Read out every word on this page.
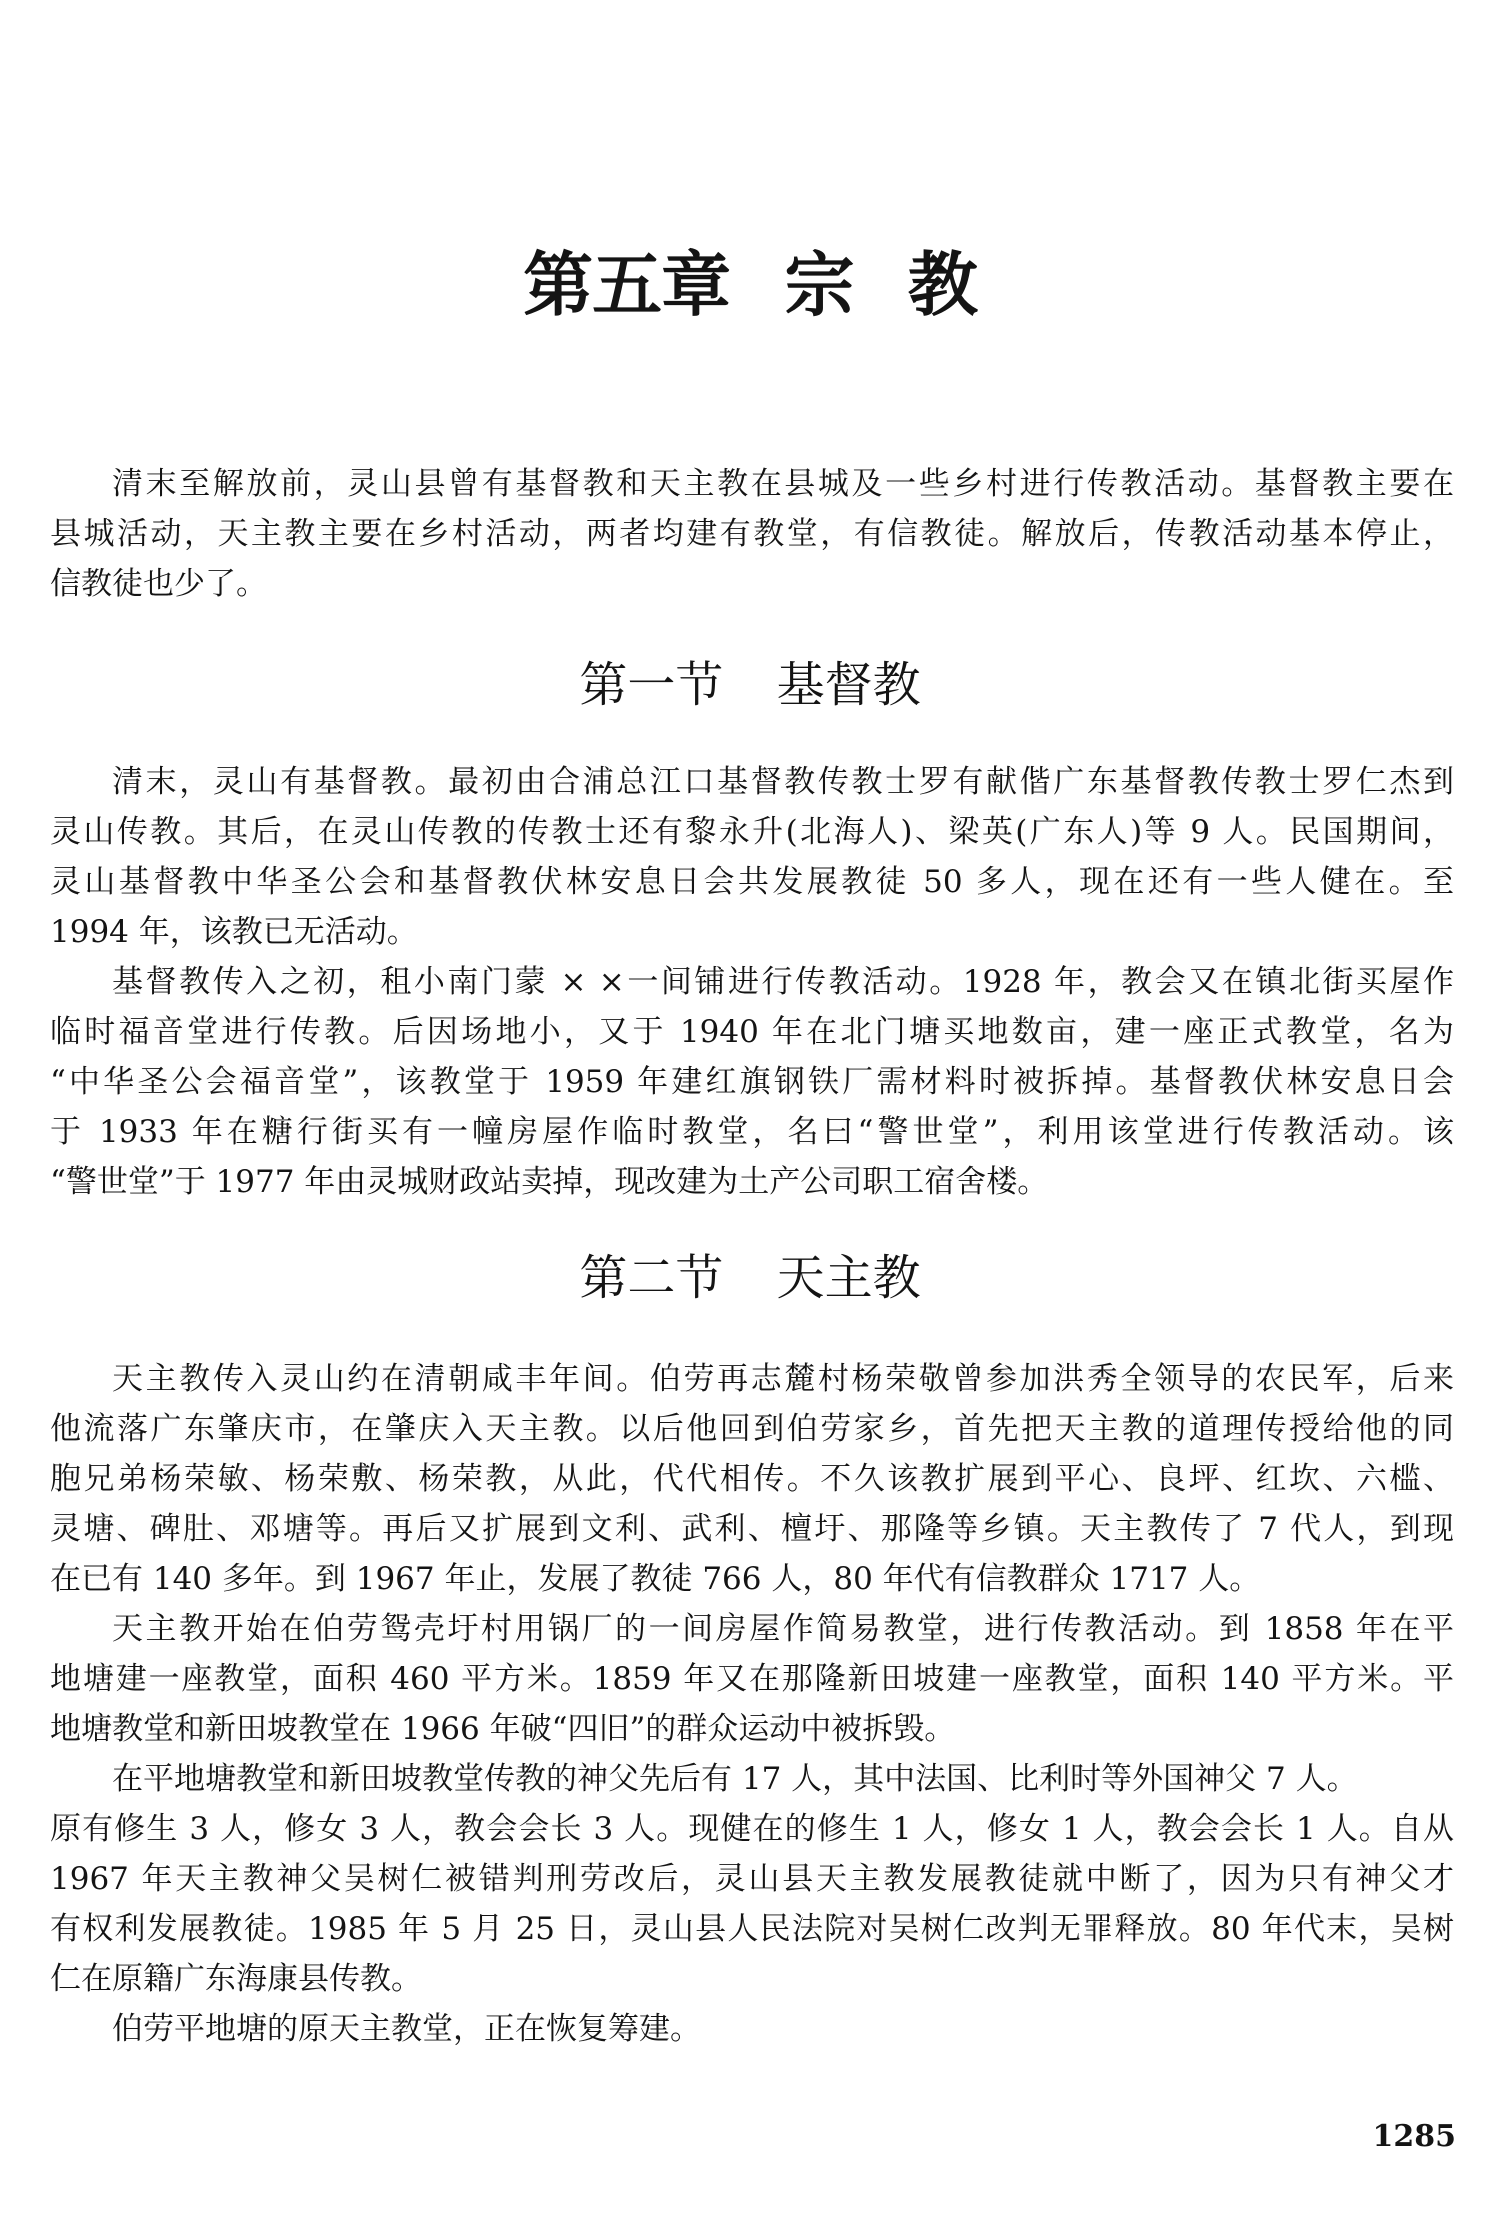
第五章 宗 教
清末至解放前，灵山县曾有基督教和天主教在县城及一些乡村进行传教活动。基督教主要在
县城活动，天主教主要在乡村活动，两者均建有教堂，有信教徒。解放后，传教活动基本停止，
信教徒也少了。
第一节 基督教
清末，灵山有基督教。最初由合浦总江口基督教传教士罗有献偕广东基督教传教士罗仁杰到
灵山传教。其后，在灵山传教的传教士还有黎永升(北海人)、梁英(广东人)等 9 人。民国期间，
灵山基督教中华圣公会和基督教伏林安息日会共发展教徒 50 多人，现在还有一些人健在。至
1994 年，该教已无活动。
基督教传入之初，租小南门蒙 × ×一间铺进行传教活动。1928 年，教会又在镇北街买屋作
临时福音堂进行传教。后因场地小，又于 1940 年在北门塘买地数亩，建一座正式教堂，名为
“中华圣公会福音堂”，该教堂于 1959 年建红旗钢铁厂需材料时被拆掉。基督教伏林安息日会
于 1933 年在糖行街买有一幢房屋作临时教堂，名曰“警世堂”，利用该堂进行传教活动。该
“警世堂”于 1977 年由灵城财政站卖掉，现改建为土产公司职工宿舍楼。
第二节 天主教
天主教传入灵山约在清朝咸丰年间。伯劳再志麓村杨荣敬曾参加洪秀全领导的农民军，后来
他流落广东肇庆市，在肇庆入天主教。以后他回到伯劳家乡，首先把天主教的道理传授给他的同
胞兄弟杨荣敏、杨荣敷、杨荣教，从此，代代相传。不久该教扩展到平心、良坪、红坎、六槛、
灵塘、碑肚、邓塘等。再后又扩展到文利、武利、檀圩、那隆等乡镇。天主教传了 7 代人，到现
在已有 140 多年。到 1967 年止，发展了教徒 766 人，80 年代有信教群众 1717 人。
天主教开始在伯劳鸳壳圩村用锅厂的一间房屋作简易教堂，进行传教活动。到 1858 年在平
地塘建一座教堂，面积 460 平方米。1859 年又在那隆新田坡建一座教堂，面积 140 平方米。平
地塘教堂和新田坡教堂在 1966 年破“四旧”的群众运动中被拆毁。
在平地塘教堂和新田坡教堂传教的神父先后有 17 人，其中法国、比利时等外国神父 7 人。
原有修生 3 人，修女 3 人，教会会长 3 人。现健在的修生 1 人，修女 1 人，教会会长 1 人。自从
1967 年天主教神父吴树仁被错判刑劳改后，灵山县天主教发展教徒就中断了，因为只有神父才
有权利发展教徒。1985 年 5 月 25 日，灵山县人民法院对吴树仁改判无罪释放。80 年代末，吴树
仁在原籍广东海康县传教。
伯劳平地塘的原天主教堂，正在恢复筹建。
1285
